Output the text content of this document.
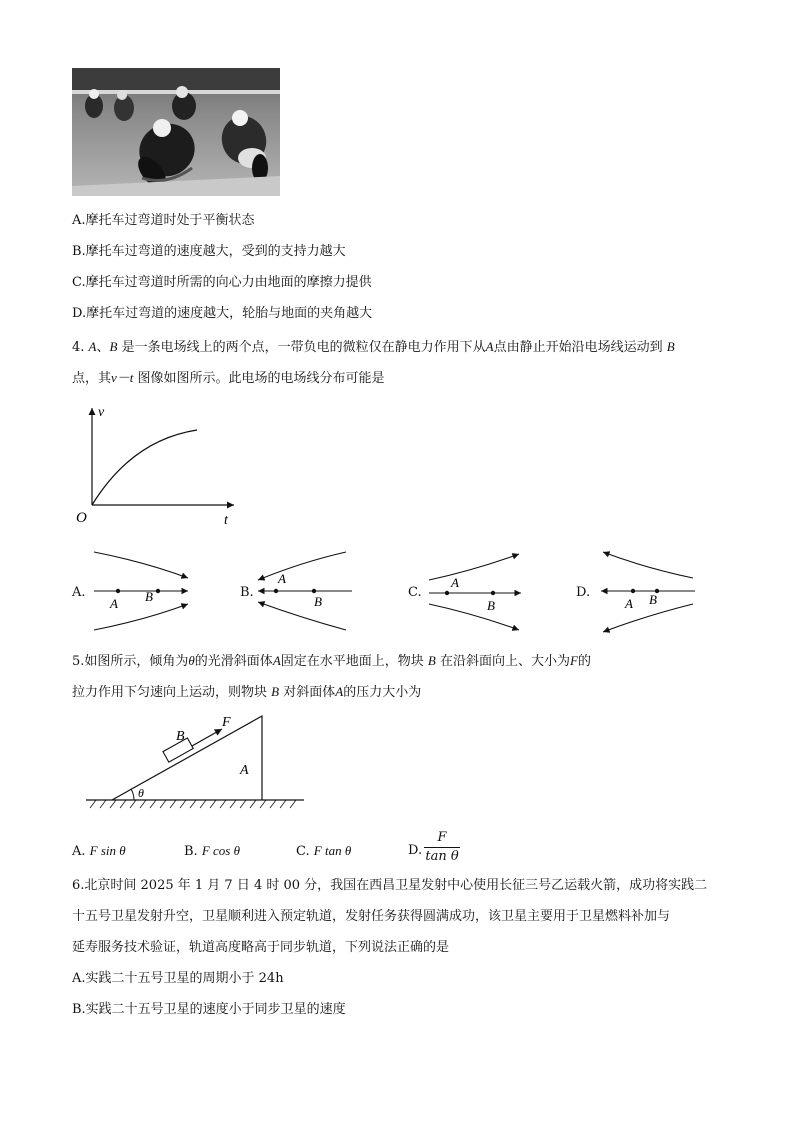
A.摩托车过弯道时处于平衡状态
B.摩托车过弯道的速度越大，受到的支持力越大
C.摩托车过弯道时所需的向心力由地面的摩擦力提供
D.摩托车过弯道的速度越大，轮胎与地面的夹角越大
4. A、B 是一条电场线上的两个点，一带负电的微粒仅在静电力作用下从A点由静止开始沿电场线运动到 B
点，其v－t 图像如图所示。此电场的电场线分布可能是
v
t
O
A.
A B	B.
A
B
C.
A
B
D.
A B
5.如图所示，倾角为θ的光滑斜面体A固定在水平地面上，物块 B 在沿斜面向上、大小为F的
拉力作用下匀速向上运动，则物块 B 对斜面体A的压力大小为
θ
B
F
A
A. F sin θ	B. F cos θ	C. F tan θ	D.
F
tan θ
6.北京时间 2025 年 1 月 7 日 4 时 00 分，我国在西昌卫星发射中心使用长征三号乙运载火箭，成功将实践二
十五号卫星发射升空，卫星顺利进入预定轨道，发射任务获得圆满成功，该卫星主要用于卫星燃料补加与
延寿服务技术验证，轨道高度略高于同步轨道，下列说法正确的是
A.实践二十五号卫星的周期小于 24h
B.实践二十五号卫星的速度小于同步卫星的速度
